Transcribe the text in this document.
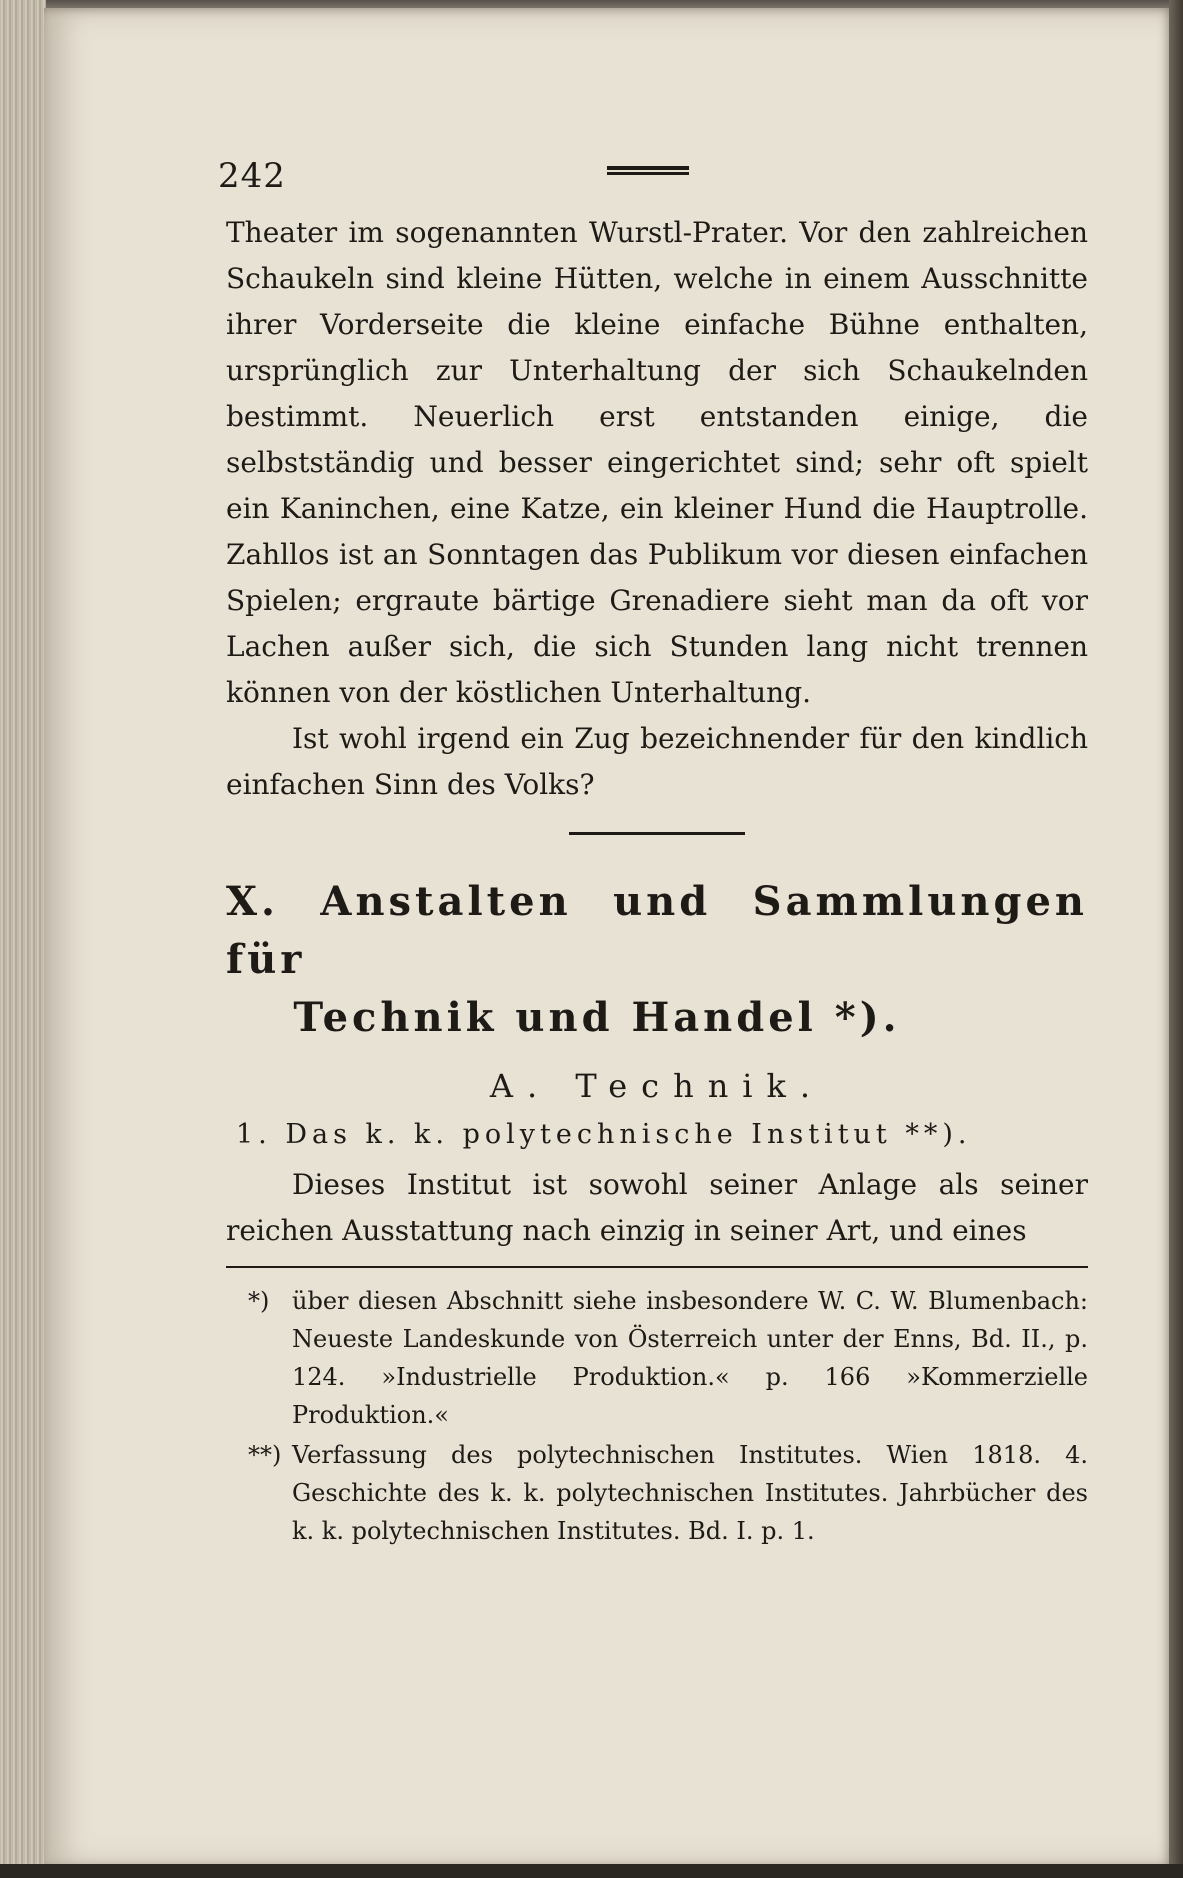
242

Theater im sogenannten Wurstl-Prater. Vor den zahlreichen Schaukeln sind kleine Hütten, welche in einem Ausschnitte ihrer Vorderseite die kleine einfache Bühne enthalten, ursprünglich zur Unterhaltung der sich Schaukelnden bestimmt. Neuerlich erst entstanden einige, die selbstständig und besser eingerichtet sind; sehr oft spielt ein Kaninchen, eine Katze, ein kleiner Hund die Hauptrolle. Zahllos ist an Sonntagen das Publikum vor diesen einfachen Spielen; ergraute bärtige Grenadiere sieht man da oft vor Lachen außer sich, die sich Stunden lang nicht trennen können von der köstlichen Unterhaltung.

Ist wohl irgend ein Zug bezeichnender für den kindlich einfachen Sinn des Volks?

X. Anstalten und Sammlungen für
Technik und Handel *).
A. Technik.
1. Das k. k. polytechnische Institut **).

Dieses Institut ist sowohl seiner Anlage als seiner reichen Ausstattung nach einzig in seiner Art, und eines

*) über diesen Abschnitt siehe insbesondere W. C. W. Blumenbach: Neueste Landeskunde von Österreich unter der Enns, Bd. II., p. 124. »Industrielle Produktion.« p. 166 »Kommerzielle Produktion.«

**) Verfassung des polytechnischen Institutes. Wien 1818. 4. Geschichte des k. k. polytechnischen Institutes. Jahrbücher des k. k. polytechnischen Institutes. Bd. I. p. 1.
